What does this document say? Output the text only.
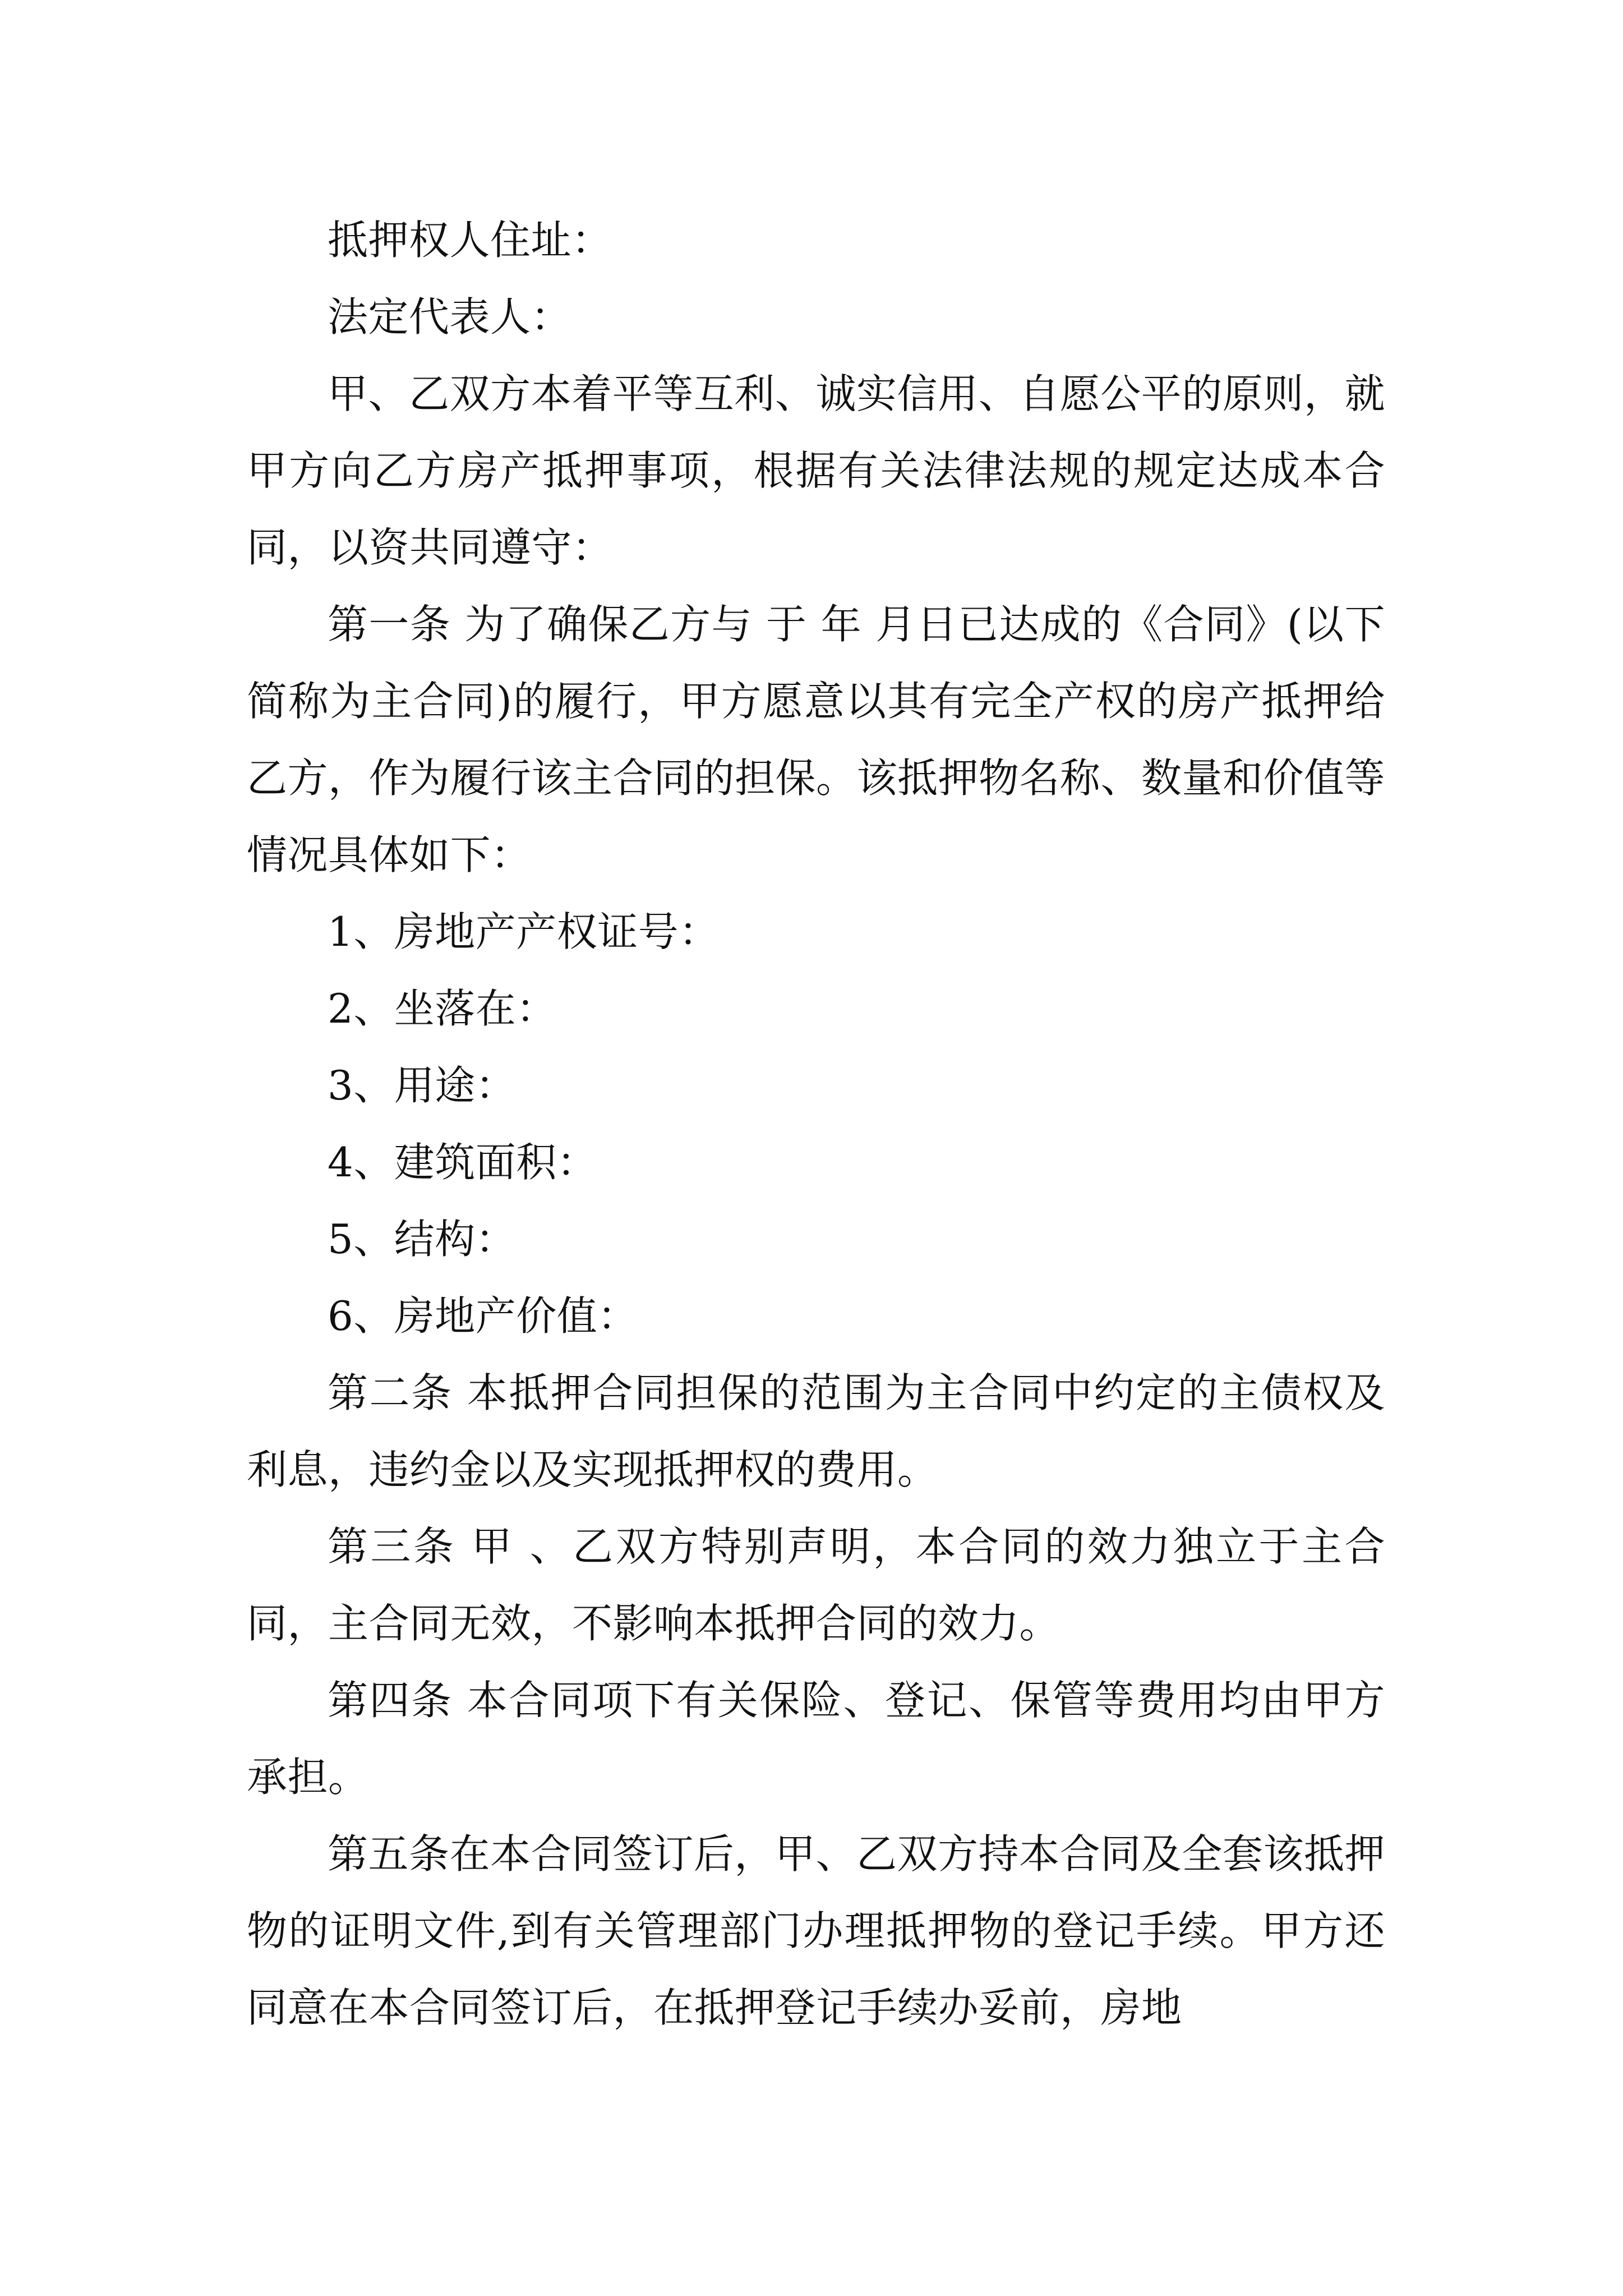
抵押权人住址：

法定代表人：

甲、乙双方本着平等互利、诚实信用、自愿公平的原则，就甲方向乙方房产抵押事项，根据有关法律法规的规定达成本合同，以资共同遵守：

第一条 为了确保乙方与 于 年 月日已达成的《合同》(以下简称为主合同)的履行，甲方愿意以其有完全产权的房产抵押给乙方，作为履行该主合同的担保。该抵押物名称、数量和价值等情况具体如下：

1、房地产产权证号：

2、坐落在：

3、用途：

4、建筑面积：

5、结构：

6、房地产价值：

第二条 本抵押合同担保的范围为主合同中约定的主债权及利息，违约金以及实现抵押权的费用。

第三条 甲 、乙双方特别声明，本合同的效力独立于主合同，主合同无效，不影响本抵押合同的效力。

第四条 本合同项下有关保险、登记、保管等费用均由甲方承担。

第五条在本合同签订后，甲、乙双方持本合同及全套该抵押物的证明文件,到有关管理部门办理抵押物的登记手续。甲方还同意在本合同签订后，在抵押登记手续办妥前，房地
